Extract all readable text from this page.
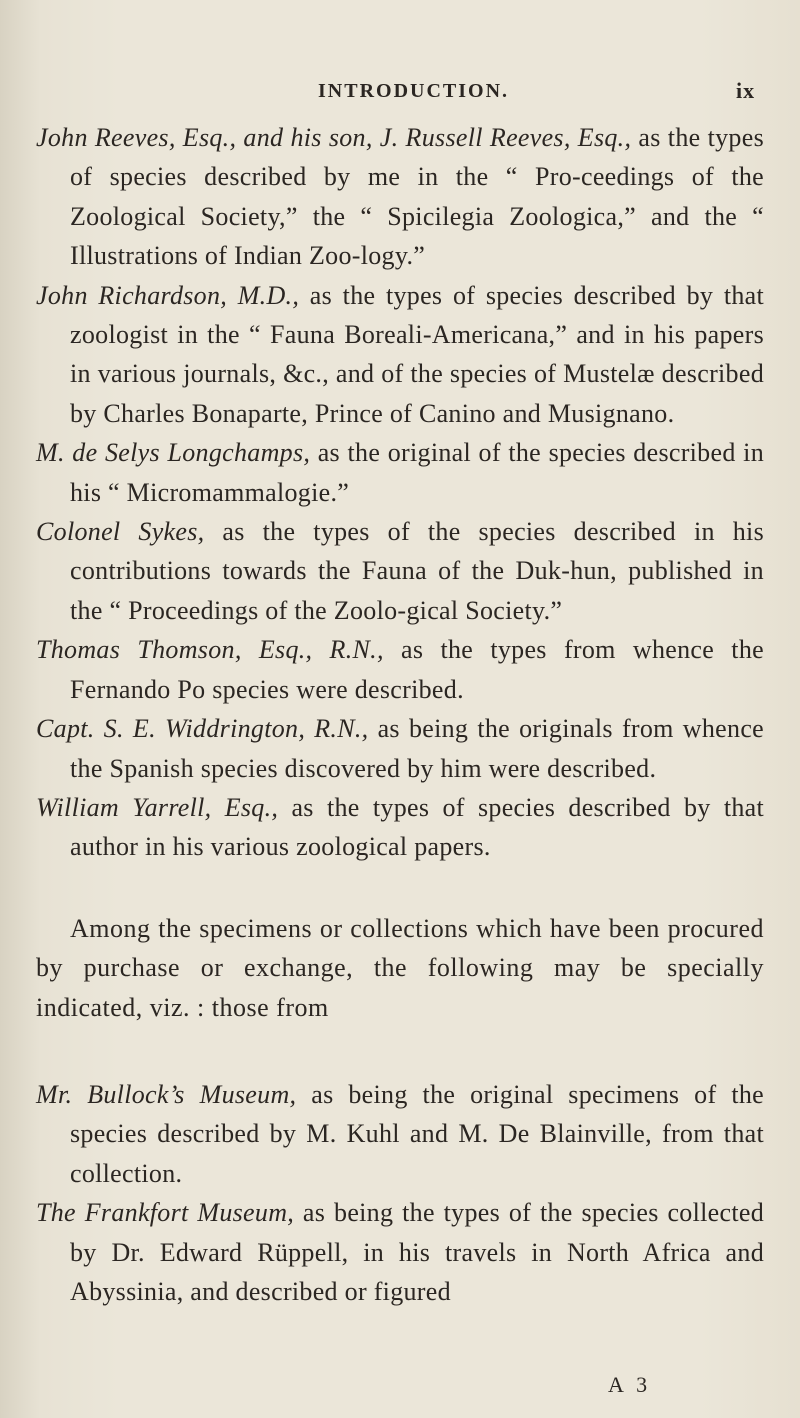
INTRODUCTION.	ix

John Reeves, Esq., and his son, J. Russell Reeves, Esq., as the types of species described by me in the “ Pro-ceedings of the Zoological Society,” the “ Spicilegia Zoologica,” and the “ Illustrations of Indian Zoo-logy.”

John Richardson, M.D., as the types of species described by that zoologist in the “ Fauna Boreali-Americana,” and in his papers in various journals, &c., and of the species of Mustelæ described by Charles Bonaparte, Prince of Canino and Musignano.

M. de Selys Longchamps, as the original of the species described in his “ Micromammalogie.”

Colonel Sykes, as the types of the species described in his contributions towards the Fauna of the Duk-hun, published in the “ Proceedings of the Zoolo-gical Society.”

Thomas Thomson, Esq., R.N., as the types from whence the Fernando Po species were described.

Capt. S. E. Widdrington, R.N., as being the originals from whence the Spanish species discovered by him were described.

William Yarrell, Esq., as the types of species described by that author in his various zoological papers.

Among the specimens or collections which have been procured by purchase or exchange, the following may be specially indicated, viz. : those from

Mr. Bullock’s Museum, as being the original specimens of the species described by M. Kuhl and M. De Blainville, from that collection.

The Frankfort Museum, as being the types of the species collected by Dr. Edward Rüppell, in his travels in North Africa and Abyssinia, and described or figured

A 3
